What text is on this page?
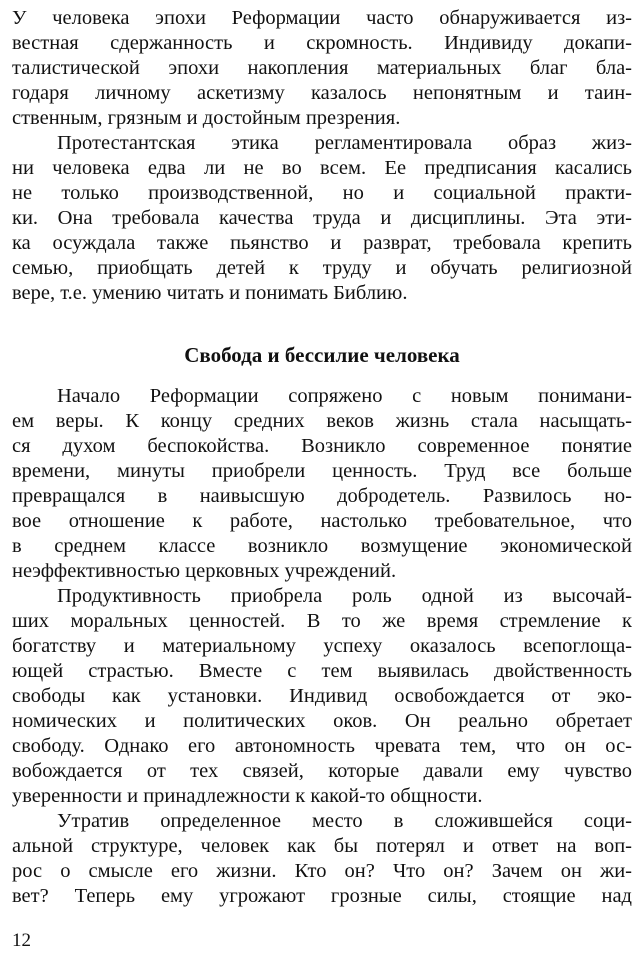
У человека эпохи Реформации часто обнаруживается из-
вестная сдержанность и скромность. Индивиду докапи-
талистической эпохи накопления материальных благ бла-
годаря личному аскетизму казалось непонятным и таин-
ственным, грязным и достойным презрения.
Протестантская этика регламентировала образ жиз-
ни человека едва ли не во всем. Ее предписания касались
не только производственной, но и социальной практи-
ки. Она требовала качества труда и дисциплины. Эта эти-
ка осуждала также пьянство и разврат, требовала крепить
семью, приобщать детей к труду и обучать религиозной
вере, т.е. умению читать и понимать Библию.
Свобода и бессилие человека
Начало Реформации сопряжено с новым понимани-
ем веры. К концу средних веков жизнь стала насыщать-
ся духом беспокойства. Возникло современное понятие
времени, минуты приобрели ценность. Труд все больше
превращался в наивысшую добродетель. Развилось но-
вое отношение к работе, настолько требовательное, что
в среднем классе возникло возмущение экономической
неэффективностью церковных учреждений.
Продуктивность приобрела роль одной из высочай-
ших моральных ценностей. В то же время стремление к
богатству и материальному успеху оказалось всепоглоща-
ющей страстью. Вместе с тем выявилась двойственность
свободы как установки. Индивид освобождается от эко-
номических и политических оков. Он реально обретает
свободу. Однако его автономность чревата тем, что он ос-
вобождается от тех связей, которые давали ему чувство
уверенности и принадлежности к какой-то общности.
Утратив определенное место в сложившейся соци-
альной структуре, человек как бы потерял и ответ на воп-
рос о смысле его жизни. Кто он? Что он? Зачем он жи-
вет? Теперь ему угрожают грозные силы, стоящие над
12
